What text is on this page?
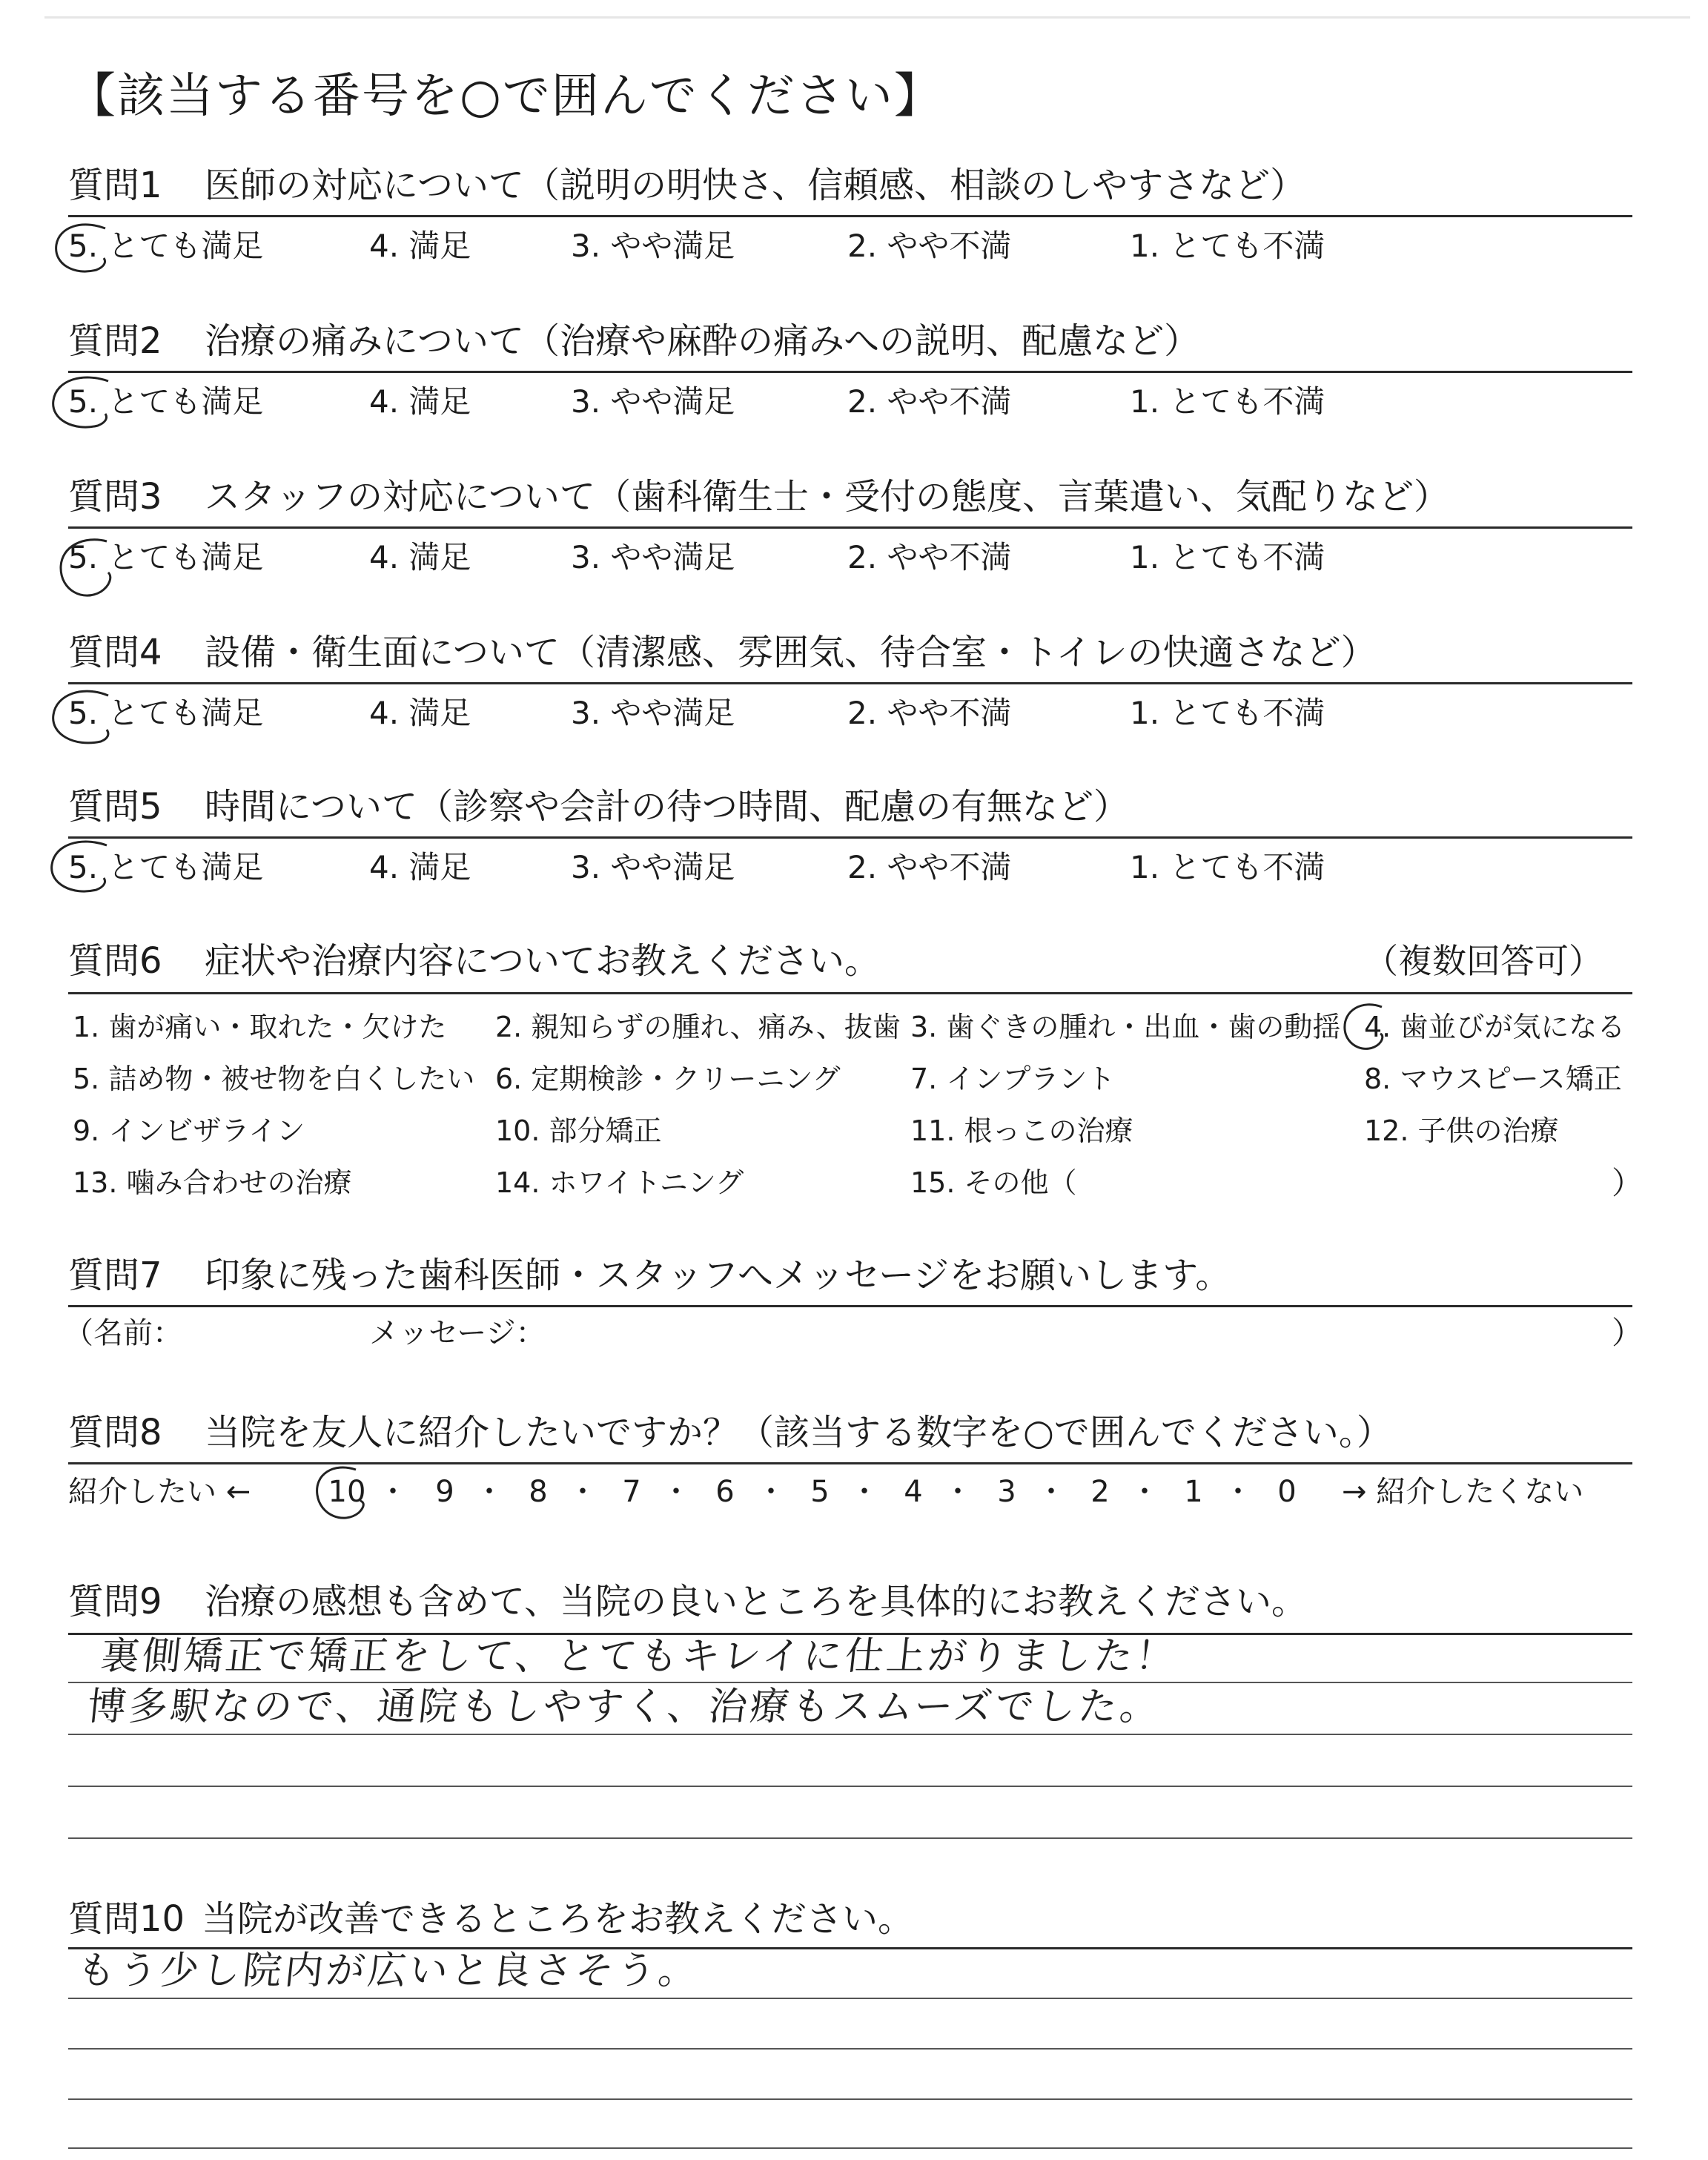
【該当する番号を○で囲んでください】
質問1 医師の対応について（説明の明快さ、信頼感、相談のしやすさなど）
5. とても満足	4. 満足	3. やや満足	2. やや不満	1. とても不満
質問2 治療の痛みについて（治療や麻酔の痛みへの説明、配慮など）
5. とても満足	4. 満足	3. やや満足	2. やや不満	1. とても不満
質問3 スタッフの対応について（歯科衛生士・受付の態度、言葉遣い、気配りなど）
5. とても満足	4. 満足	3. やや満足	2. やや不満	1. とても不満
質問4 設備・衛生面について（清潔感、雰囲気、待合室・トイレの快適さなど）
5. とても満足	4. 満足	3. やや満足	2. やや不満	1. とても不満
質問5 時間について（診察や会計の待つ時間、配慮の有無など）
5. とても満足	4. 満足	3. やや満足	2. やや不満	1. とても不満
質問6 症状や治療内容についてお教えください。	（複数回答可）
1. 歯が痛い・取れた・欠けた 2. 親知らずの腫れ、痛み、抜歯 3. 歯ぐきの腫れ・出血・歯の動揺 4. 歯並びが気になる
5. 詰め物・被せ物を白くしたい 6. 定期検診・クリーニング 7. インプラント	8. マウスピース矯正
9. インビザライン	10. 部分矯正	11. 根っこの治療	12. 子供の治療
13. 噛み合わせの治療	14. ホワイトニング	15. その他（	）
質問7 印象に残った歯科医師・スタッフへメッセージをお願いします。
（名前：	メッセージ：	）
質問8 当院を友人に紹介したいですか？（該当する数字を○で囲んでください。）
紹介したい ←	→ 紹介したくない
10 ・ 9 ・ 8 ・ 7 ・ 6 ・ 5 ・ 4 ・ 3 ・ 2 ・ 1 ・ 0
質問9 治療の感想も含めて、当院の良いところを具体的にお教えください。
裏側矯正で矯正をして、とてもキレイに仕上がりました！
博多駅なので、通院もしやすく、治療もスムーズでした。
質問10 当院が改善できるところをお教えください。
もう少し院内が広いと良さそう。
